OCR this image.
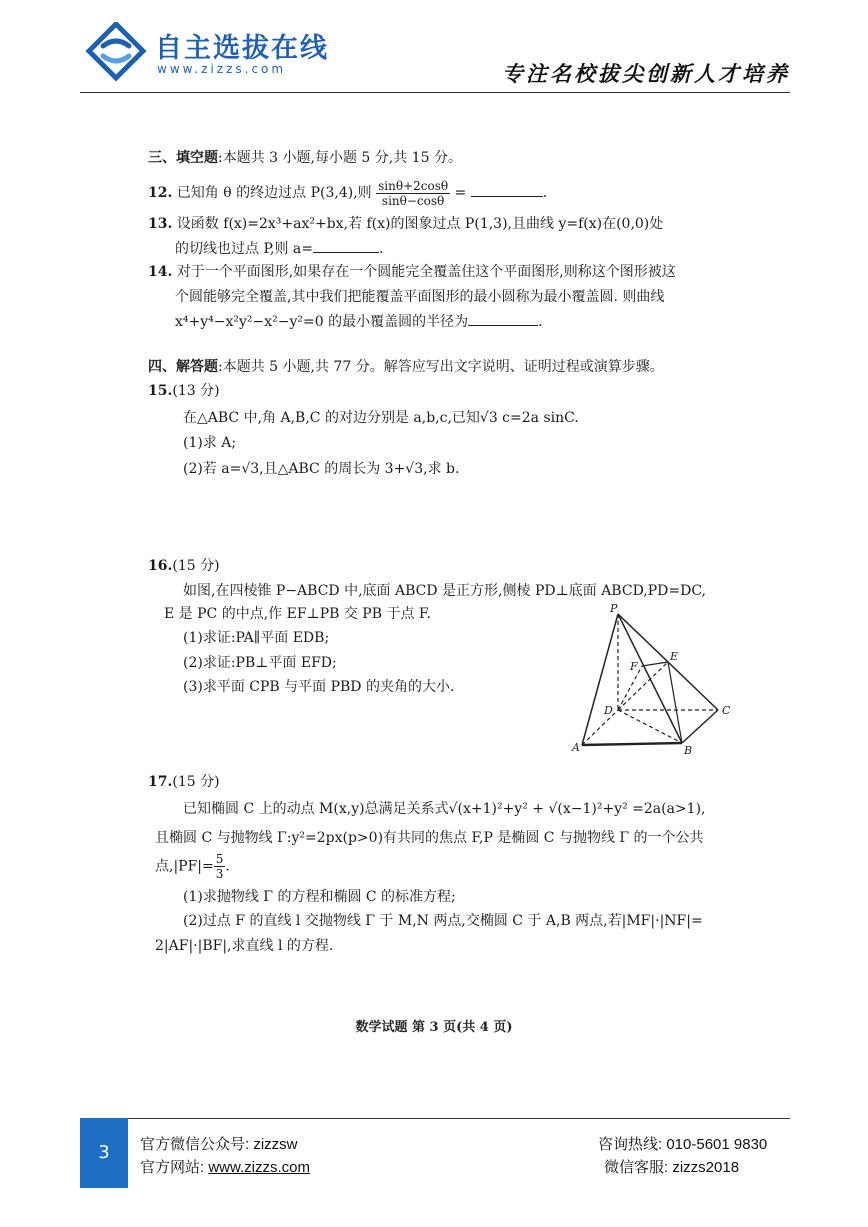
自主选拔在线
www.zizzs.com	专注名校拔尖创新人才培养
三、填空题:本题共 3 小题,每小题 5 分,共 15 分。
12. 已知角 θ 的终边过点 P(3,4),则 $\frac{\sin\theta+2\cos\theta}{\sin\theta-\cos\theta}$ =	.
13. 设函数 f(x)=2x³+ax²+bx,若 f(x)的图象过点 P(1,3),且曲线 y=f(x)在(0,0)处
的切线也过点 P,则 a=	.
14. 对于一个平面图形,如果存在一个圆能完全覆盖住这个平面图形,则称这个图形被这
个圆能够完全覆盖,其中我们把能覆盖平面图形的最小圆称为最小覆盖圆. 则曲线
x⁴+y⁴−x²y²−x²−y²=0 的最小覆盖圆的半径为	.
四、解答题:本题共 5 小题,共 77 分。解答应写出文字说明、证明过程或演算步骤。
15.(13 分)
在△ABC 中,角 A,B,C 的对边分别是 a,b,c,已知√3 c=2a sinC.
(1)求 A;
(2)若 a=√3,且△ABC 的周长为 3+√3,求 b.
16.(15 分)
如图,在四棱锥 P−ABCD 中,底面 ABCD 是正方形,侧棱 PD⊥底面 ABCD,PD=DC,
E 是 PC 的中点,作 EF⊥PB 交 PB 于点 F.
(1)求证:PA∥平面 EDB;
(2)求证:PB⊥平面 EFD;
(3)求平面 CPB 与平面 PBD 的夹角的大小.
P
E
F
D	C
A	B
17.(15 分)
已知椭圆 C 上的动点 M(x,y)总满足关系式√(x+1)²+y² + √(x−1)²+y² =2a(a>1),
且椭圆 C 与抛物线 Γ:y²=2px(p>0)有共同的焦点 F,P 是椭圆 C 与抛物线 Γ 的一个公共
点$,|PF|= \frac{5}{3}$ .
(1)求抛物线 Γ 的方程和椭圆 C 的标准方程;
(2)过点 F 的直线 l 交抛物线 Γ 于 M,N 两点,交椭圆 C 于 A,B 两点,若|MF|·|NF|=
2|AF|·|BF|,求直线 l 的方程.
数学试题 第 3 页(共 4 页)
3	官方微信公众号: zizzsw
官方网站: www.zizzs.com
咨询热线: 010-5601 9830
微信客服: zizzs2018
